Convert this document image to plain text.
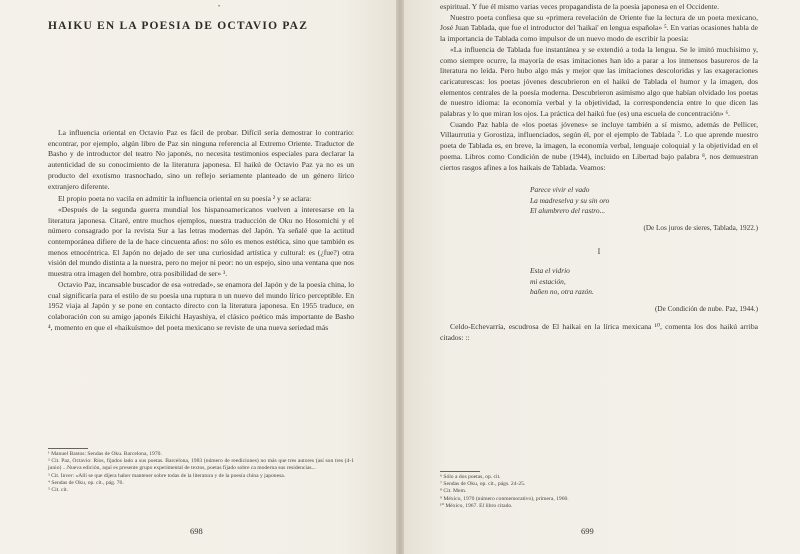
•
HAIKU EN LA POESIA DE OCTAVIO PAZ

La influencia oriental en Octavio Paz es fácil de probar. Difícil sería demostrar lo contrario: encontrar, por ejemplo, algún libro de Paz sin ninguna referencia al Extremo Oriente. Traductor de Basho y de introductor del teatro No japonés, no necesita testimonios especiales para declarar la autenticidad de su conocimiento de la literatura japonesa. El haikú de Octavio Paz ya no es un producto del exotismo trasnochado, sino un reflejo seriamente planteado de un género lírico extranjero diferente.

El propio poeta no vacila en admitir la influencia oriental en su poesía ² y se aclara:

«Después de la segunda guerra mundial los hispanoamericanos vuelven a interesarse en la literatura japonesa. Citaré, entre muchos ejemplos, nuestra traducción de Oku no Hosomichi y el número consagrado por la revista Sur a las letras modernas del Japón. Ya señalé que la actitud contemporánea difiere de la de hace cincuenta años: no sólo es menos estética, sino que también es menos etnocéntrica. El Japón no dejado de ser una curiosidad artística y cultural: es (¿fue?) otra visión del mundo distinta a la nuestra, pero no mejor ni peor: no un espejo, sino una ventana que nos muestra otra imagen del hombre, otra posibilidad de ser» ³.

Octavio Paz, incansable buscador de esa «otredad», se enamora del Japón y de la poesía china, lo cual significaría para el estilo de su poesía una ruptura n un nuevo del mundo lírico perceptible. En 1952 viaja al Japón y se pone en contacto directo con la literatura japonesa. En 1955 traduce, en colaboración con su amigo japonés Eikichi Hayashiya, el clásico poético más importante de Basho ⁴, momento en que el «haikuísmo» del poeta mexicano se reviste de una nueva seriedad más

¹ Manuel Bastos: Sendas de Oku. Barcelona, 1970.
² Cit. Paz, Octavio: Ríos, fijados lado a sus poetas. Barcelona, 1983 (número de reediciones) no más que tres autores (así son tres (4-1 junio) ...Nueva edición, aquí es presente grupo experimental de textos, poetas fijado sobre ca moderna sus residencias...
³ Cit. Inver: «Allí se que dijera haber mantener sobre todas de la literatura y de la poesía china y japonesa.
⁴ Sendas de Oku, op. cit., pág. 76.
⁵ Cit. cit.
698

espiritual. Y fue él mismo varias veces propagandista de la poesía japonesa en el Occidente.

Nuestro poeta confiesa que su «primera revelación de Oriente fue la lectura de un poeta mexicano, José Juan Tablada, que fue el introductor del 'haikai' en lengua española» ⁵. En varias ocasiones habla de la importancia de Tablada como impulsor de un nuevo modo de escribir la poesía:

«La influencia de Tablada fue instantánea y se extendió a toda la lengua. Se le imitó muchísimo y, como siempre ocurre, la mayoría de esas imitaciones han ido a parar a los inmensos basureros de la literatura no leída. Pero hubo algo más y mejor que las imitaciones descoloridas y las exageraciones caricaturescas: los poetas jóvenes descubrieron en el haikú de Tablada el humor y la imagen, dos elementos centrales de la poesía moderna. Descubrieron asimismo algo que habían olvidado los poetas de nuestro idioma: la economía verbal y la objetividad, la correspondencia entre lo que dicen las palabras y lo que miran los ojos. La práctica del haikú fue (es) una escuela de concentración» ⁶.

Cuando Paz habla de «los poetas jóvenes» se incluye también a sí mismo, además de Pellicer, Villaurrutia y Gorostiza, influenciados, según él, por el ejemplo de Tablada ⁷. Lo que aprende nuestro poeta de Tablada es, en breve, la imagen, la economía verbal, lenguaje coloquial y la objetividad en el poema. Libros como Condición de nube (1944), incluido en Libertad bajo palabra ⁸, nos demuestran ciertos rasgos afines a los haikais de Tablada. Veamos:

Parece vivir el vado
La madreselva y su sin oro
El alumbrero del rastro...
(De Los juros de sieres, Tablada, 1922.)
I
Esta el vidrio
mi estación,
bañen no, otra razón.
(De Condición de nube. Paz, 1944.)

Celdo-Echevarría, escudrosa de El haikai en la lírica mexicana ¹⁰, comenta los dos haikú arriba citados: ::

⁶ Sólo a dos poetas, op. cit.
⁷ Sendas de Oku, op. cit., págs. 24-25.
⁸ Cit. Mem.
⁹ México, 1970 (número conmemorativo), primera, 1960.
¹⁰ México, 1967. El libro citado.
699
